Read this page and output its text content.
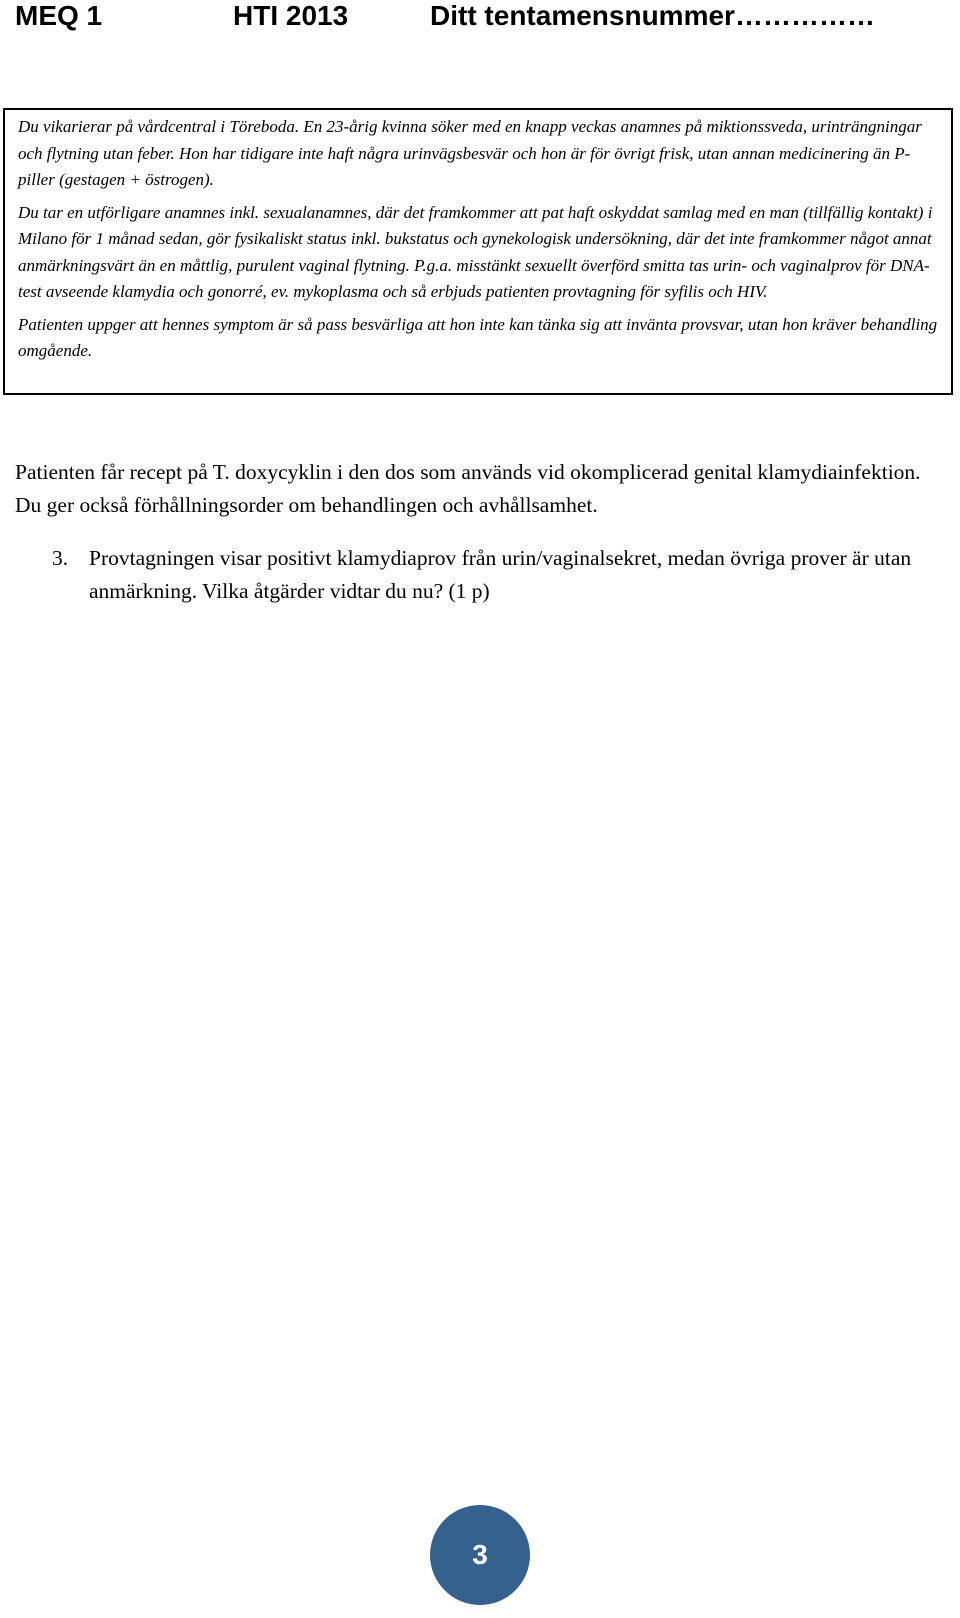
MEQ 1	HTI 2013	Ditt tentamensnummer……………

Du vikarierar på vårdcentral i Töreboda. En 23-årig kvinna söker med en knapp veckas anamnes på miktionssveda, urinträngningar och flytning utan feber. Hon har tidigare inte haft några urinvägsbesvär och hon är för övrigt frisk, utan annan medicinering än P-piller (gestagen + östrogen).

Du tar en utförligare anamnes inkl. sexualanamnes, där det framkommer att pat haft oskyddat samlag med en man (tillfällig kontakt) i Milano för 1 månad sedan, gör fysikaliskt status inkl. bukstatus och gynekologisk undersökning, där det inte framkommer något annat anmärkningsvärt än en måttlig, purulent vaginal flytning. P.g.a. misstänkt sexuellt överförd smitta tas urin- och vaginalprov för DNA-test avseende klamydia och gonorré, ev. mykoplasma och så erbjuds patienten provtagning för syfilis och HIV.

Patienten uppger att hennes symptom är så pass besvärliga att hon inte kan tänka sig att invänta provsvar, utan hon kräver behandling omgående.

Patienten får recept på T. doxycyklin i den dos som används vid okomplicerad genital klamydiainfektion. Du ger också förhållningsorder om behandlingen och avhållsamhet.

3. Provtagningen visar positivt klamydiaprov från urin/vaginalsekret, medan övriga prover är utan anmärkning. Vilka åtgärder vidtar du nu? (1 p)
3
